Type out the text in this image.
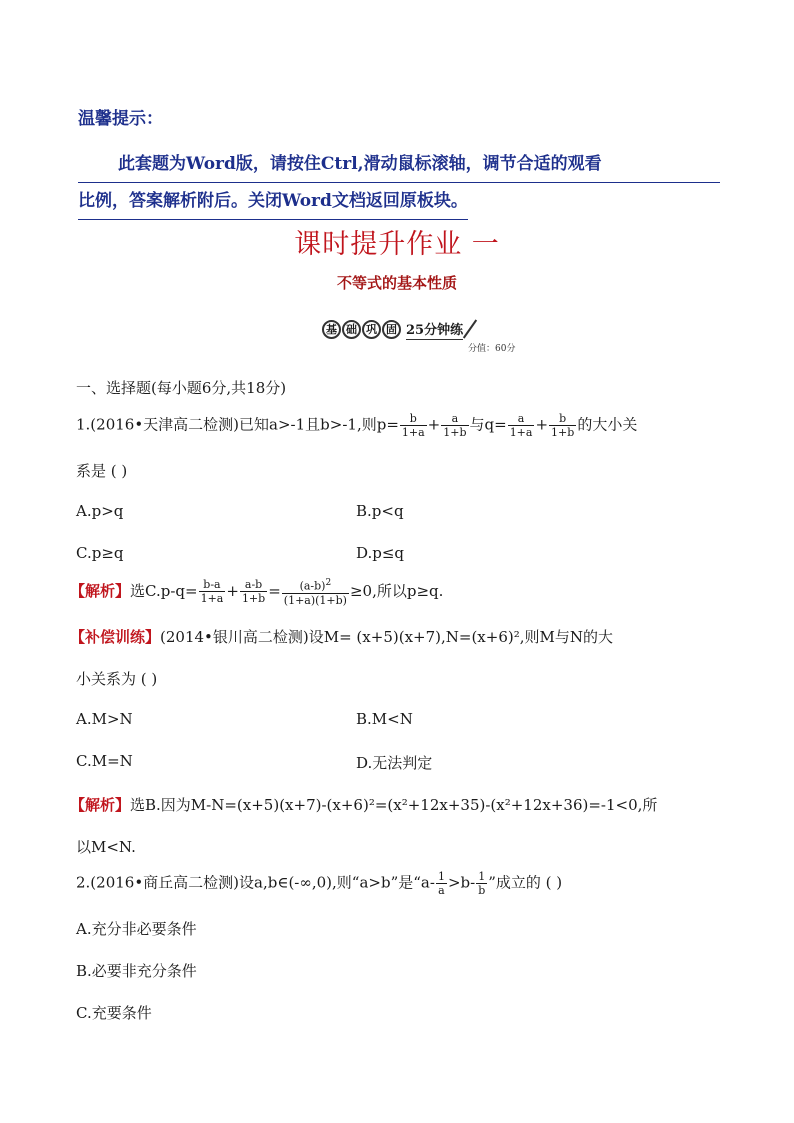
温馨提示：
此套题为Word版，请按住Ctrl,滑动鼠标滚轴，调节合适的观看
比例，答案解析附后。关闭Word文档返回原板块。
课时提升作业 一
不等式的基本性质
基 础 巩 固 25分钟练
分值：60分
一、选择题(每小题6分,共18分)
1.(2016•天津高二检测)已知a>-1且b>-1,则$p= \frac{b}{1+a} + \frac{a}{1+b}$ 与$q= \frac{a}{1+a} + \frac{b}{1+b}$ 的大小关
系是 ( )
A.p>q	B.p<q
C.p≥q	D.p≤q
【解析】选$C.p-q= \frac{b-a}{1+a} + \frac{a-b}{1+b} = \frac{(a-b)^2}{(1+a)(1+b)} \ge 0$,所以p≥q.
【补偿训练】(2014•银川高二检测)设M= (x+5)(x+7),N=(x+6)²,则M与N的大
小关系为 ( )
A.M>N	B.M<N
C.M=N	D.无法判定
【解析】选B.因为M-N=(x+5)(x+7)-(x+6)²=(x²+12x+35)-(x²+12x+36)=-1<0,所
以M<N.
2.(2016•商丘高二检测)设a,b∈(-∞,0),则“a>b”是“$a- \frac{1}{a} >b- \frac{1}{b}$ ”成立的 ( )
A.充分非必要条件
B.必要非充分条件
C.充要条件
